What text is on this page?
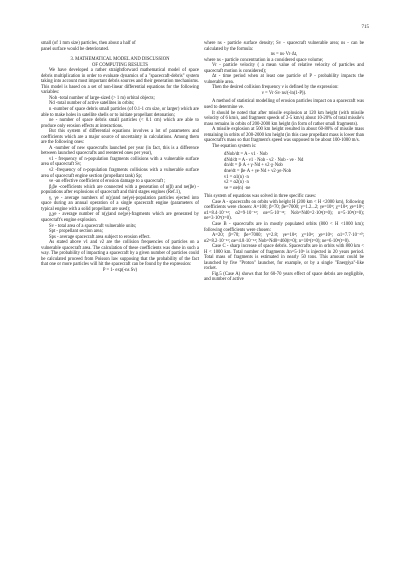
715

small (of 1 mm size) particles, then about a half of

panel surface would be deteriorated.

3. MATHEMATICAL MODEL AND DISCUSSION

OF COMPUTING RESULTS

We have developed a rather straightforward mathematical model of space debris multiplication in order to evaluate dynamics of a "spacecraft-debris" system taking into account most important debris sources and their generation mechanisms. This model is based on a set of non-linear differential equations for the following variables:

Nob -total number of large-sized (> 1 m) orbital objects;

Nd -total number of active satellites in orbits;

n -number of space debris small particles (of 0.1-1 cm size, or larger) which are able to make holes in satellite shells or to initiate propellant detonation;

ne - number of space debris small particles (< 0.1 cm) which are able to produce only erosion effects at interactions.

But this system of differential equations involves a lot of parameters and coefficients which are a major source of uncertainty in calculations. Among them are the following ones:

A -number of new spacecrafts launched per year (in fact, this is a difference between launched spacecrafts and reentered ones per year),

ν1 - frequency of n-population fragments collisions with a vulnerable surface area of spacecraft Sv;

ν2 -frequency of n-population fragments collisions with a vulnerable surface area of spacecraft engine section (propellant tank) Sp;

νe -an effective coefficient of erosion damage to a spacecraft ;

β,βe -coefficients which are connected with a generation of n(β) and ne(βe) -populations after explosions of spacecraft and third stages engines (Ref.1),

γ, γe - average numbers of n(γ)and ne(γe)-population particles ejected into space during an annual operation of a single spacecraft engine (parameters of typical engine with a solid propellant are used);

χ,χe - average number of n(χ)and ne(χe)-fragments which are generated by spacecraft's engine explosion.

Sv - total area of a spacecraft vulnerable units;

Spt - propellant section area;

Sps - average spacecraft area subject to erosion effect.

As stated above ν1 and ν2 are the collision frequencies of particles on a vulnerable spacecraft area. The calculation of these coefficients was done in such a way. The probability of impacting a spacecraft by a given number of particles could be calculated proceed from Poisson law supposing that the probability of the fact that one or more particles will hit the spacecraft can be found by the expression:

P = 1- exp(-ns Sv)

where ns - particle surface density; Sv - spacecraft vulnerable area; ns - can be calculated by the formula:

ns = ns·Vr·Δt,

where ns - particle concentration in a considered space volume;

Vr - particle velocity ( a mean value of relative velocity of particles and spacecraft motion is considered);

Δt - time period when at least one particle of P - probability impacts the vulnerable area.

Then the desired collision frequency ν is defined by the expression:

ν = Vr·Sv·ns/(-ln(1-P)).

A method of statistical modelling of erosion particles impact on a spacecraft was used to determine νe.

It should be noted that after missile explosion at 120 km height (with missile velocity of 6 km/s, and fragment speeds of 2-5 km/s) about 10-20% of total missile's mass remains in orbits of 200-2000 km height (in form of rather small fragments).

A missile explosion at 500 km height resulted in about 60-80% of missile mass remaining in orbits of 200-2000 km height (in this case propellant mass is lower than spacecraft's mass so that fragment's speed was supposed to be about 100-1000 m/s.

The equation system is:

dNob/dt = A - ν1 · Nob

dNd/dt = A - ν1 · Nob - ν2 · Nob - νe · Nd

dn/dt = β·A + γ·Nd + ν2·χ·Nob

dne/dt = βe·A + γe·Nd + ν2·χe·Nob

ν1 = α1(n) ·n

ν2 = α2(n) ·n

νe = αe(n) ·ne

This system of equations was solved in three specific cases:

Case A - spacecrafts on orbits with height H (200 km < H <2000 km), following coefficients were chosen: A=100; β=70; βe=7000; γ=1.2...2; γe=10⁵; χ=10⁴; χe=10⁶; α1=8.4·10⁻¹²; α2=9·10⁻¹²; αe=5·10⁻¹²; Nob=Nd0=2·10³(t=0); n=5·10⁵(t=0); ne=3·10⁷(t=0).

Case B - spacecrafts are in mostly populated orbits (800 < H <1000 km); following coefficients were chosen:

A=20; β=70; βe=7000; γ=2.8; γe=10⁴; χ=10⁴; χe=10⁶; α1=7.7·10⁻¹⁰; α2=8.2·10⁻¹¹; αe=4.8·10⁻¹²; Nob=Nd0=460(t=0); n=10⁵(t=0); ne=6·10⁵(t=0).

Case C - sharp increase of space debris. Spacecrafts are in orbits with 800 km < H < 1000 km. Total number of fragments Δn=5·10⁶ is injected in 20 years period. Total mass of fragments is estimated in nearly 50 tons. This amount could be launched by five "Proton" launcher, for example, or by a single "Energiya"-like rocket.

Fig.5 (Case A) shows that for 60-70 years effect of space debris are negligible, and number of active
